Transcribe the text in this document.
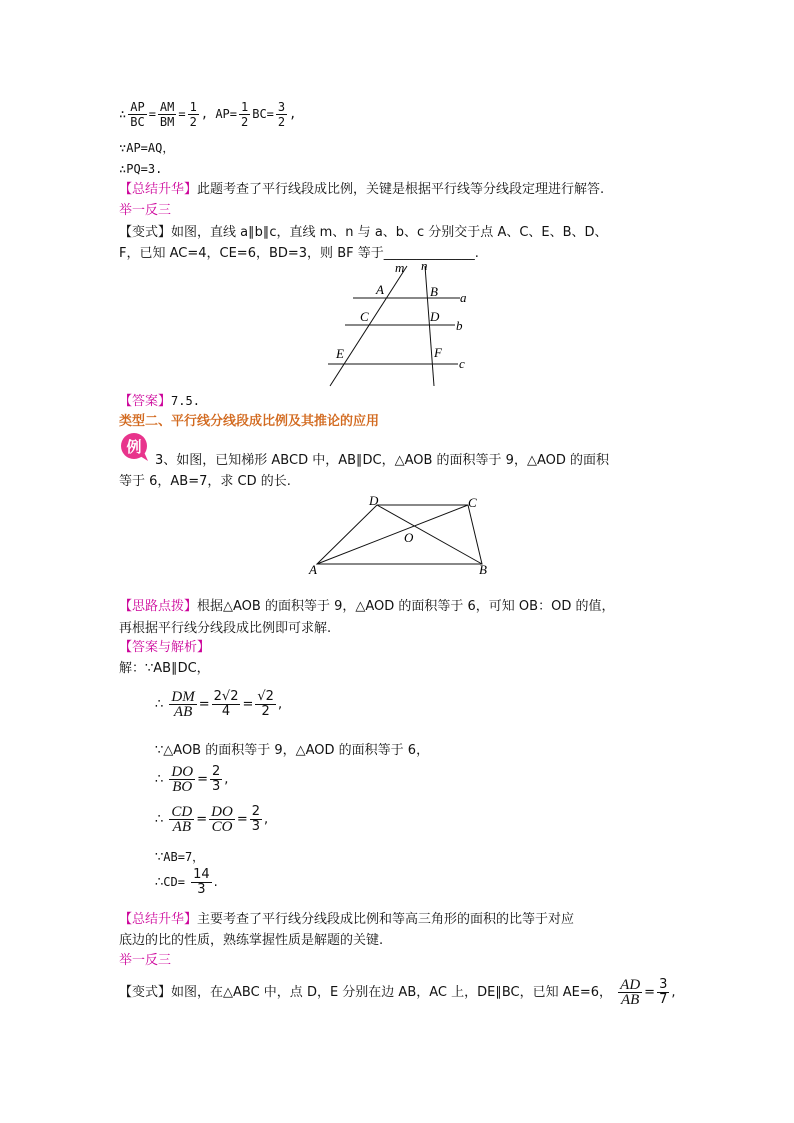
∴ $\frac{AP}{BC} = \frac{AM}{BM} = \frac{1}{2}$ , $AP= \frac{1}{2} BC= \frac{3}{2}$ ,
∵AP=AQ，
∴PQ=3.
【总结升华】此题考查了平行线段成比例，关键是根据平行线等分线段定理进行解答.
举一反三
【变式】如图，直线 a∥b∥c，直线 m、n 与 a、b、c 分别交于点 A、C、E、B、D、
F，已知 AC=4，CE=6，BD=3，则 BF 等于______________.
m n
A	B a
C	D
b
E	F
c
【答案】7.5.
类型二、平行线分线段成比例及其推论的应用
例
3、如图，已知梯形 ABCD 中，AB∥DC，△AOB 的面积等于 9，△AOD 的面积
等于 6，AB=7，求 CD 的长.
D	C
O
A	B
【思路点拨】根据△AOB 的面积等于 9，△AOD 的面积等于 6，可知 OB：OD 的值，
再根据平行线分线段成比例即可求解.
【答案与解析】
解：∵AB∥DC，
∴ $\frac{DM}{AB} = \frac{2√2}{4} = \frac{√2}{2}$ ,
∵△AOB 的面积等于 9，△AOD 的面积等于 6，
∴ $\frac{DO}{BO} = \frac{2}{3}$ ,
∴ $\frac{CD}{AB} = \frac{DO}{CO} = \frac{2}{3}$ ,
∵AB=7，
∴CD= $\frac{14}{3}$ .
【总结升华】主要考查了平行线分线段成比例和等高三角形的面积的比等于对应
底边的比的性质，熟练掌握性质是解题的关键.
举一反三
【变式】如图，在△ABC 中，点 D，E 分别在边 AB，AC 上，DE∥BC，已知 AE=6， $\frac{AD}{AB} = \frac{3}{7}$ ,
